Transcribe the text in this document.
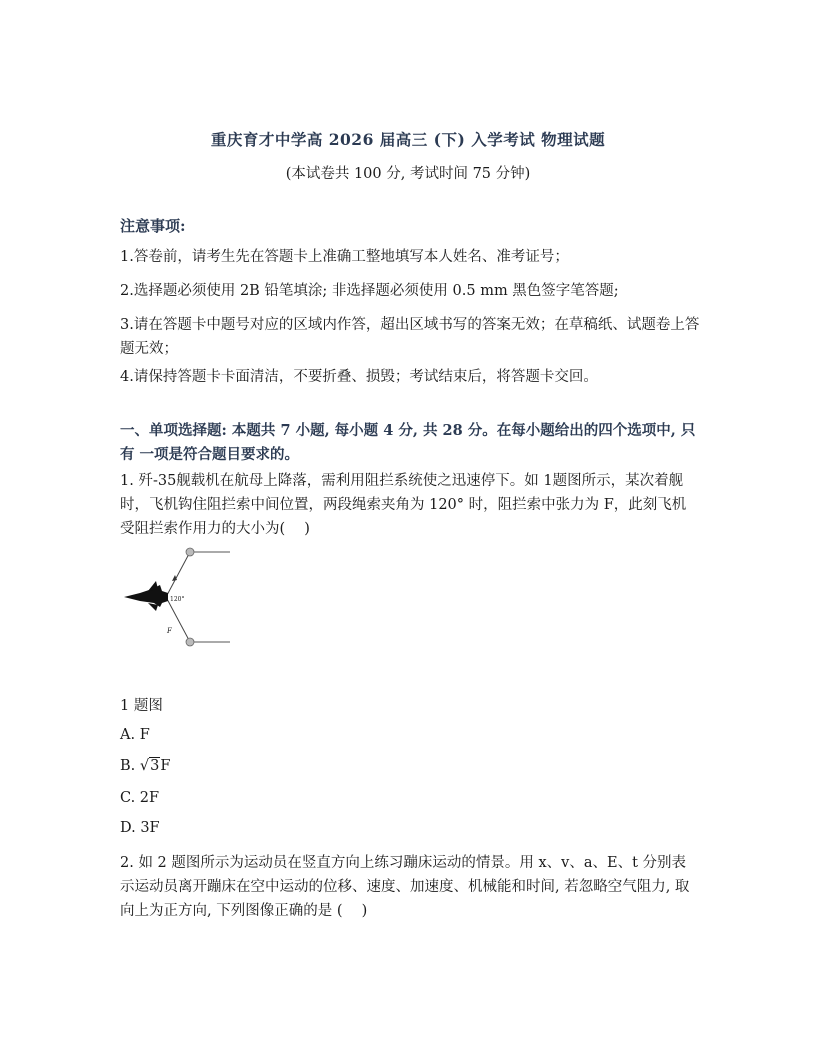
重庆育才中学高 2026 届高三 (下) 入学考试 物理试题
(本试卷共 100 分, 考试时间 75 分钟)
注意事项:
1.答卷前，请考生先在答题卡上准确工整地填写本人姓名、准考证号；
2.选择题必须使用 2B 铅笔填涂; 非选择题必须使用 0.5 mm 黑色签字笔答题;
3.请在答题卡中题号对应的区域内作答，超出区域书写的答案无效；在草稿纸、试题卷上答题无效；
4.请保持答题卡卡面清洁，不要折叠、损毁；考试结束后，将答题卡交回。
一、单项选择题: 本题共 7 小题, 每小题 4 分, 共 28 分。在每小题给出的四个选项中, 只有 一项是符合题目要求的。
1. 歼-35舰载机在航母上降落，需利用阻拦系统使之迅速停下。如 1题图所示，某次着舰时，飞机钩住阻拦索中间位置，两段绳索夹角为 120° 时，阻拦索中张力为 F，此刻飞机受阻拦索作用力的大小为(　 )
120°
F
1 题图
A. F
B. √3F
C. 2F
D. 3F
2. 如 2 题图所示为运动员在竖直方向上练习蹦床运动的情景。用 x、v、a、E、t 分别表示运动员离开蹦床在空中运动的位移、速度、加速度、机械能和时间, 若忽略空气阻力, 取向上为正方向, 下列图像正确的是 (　 )
